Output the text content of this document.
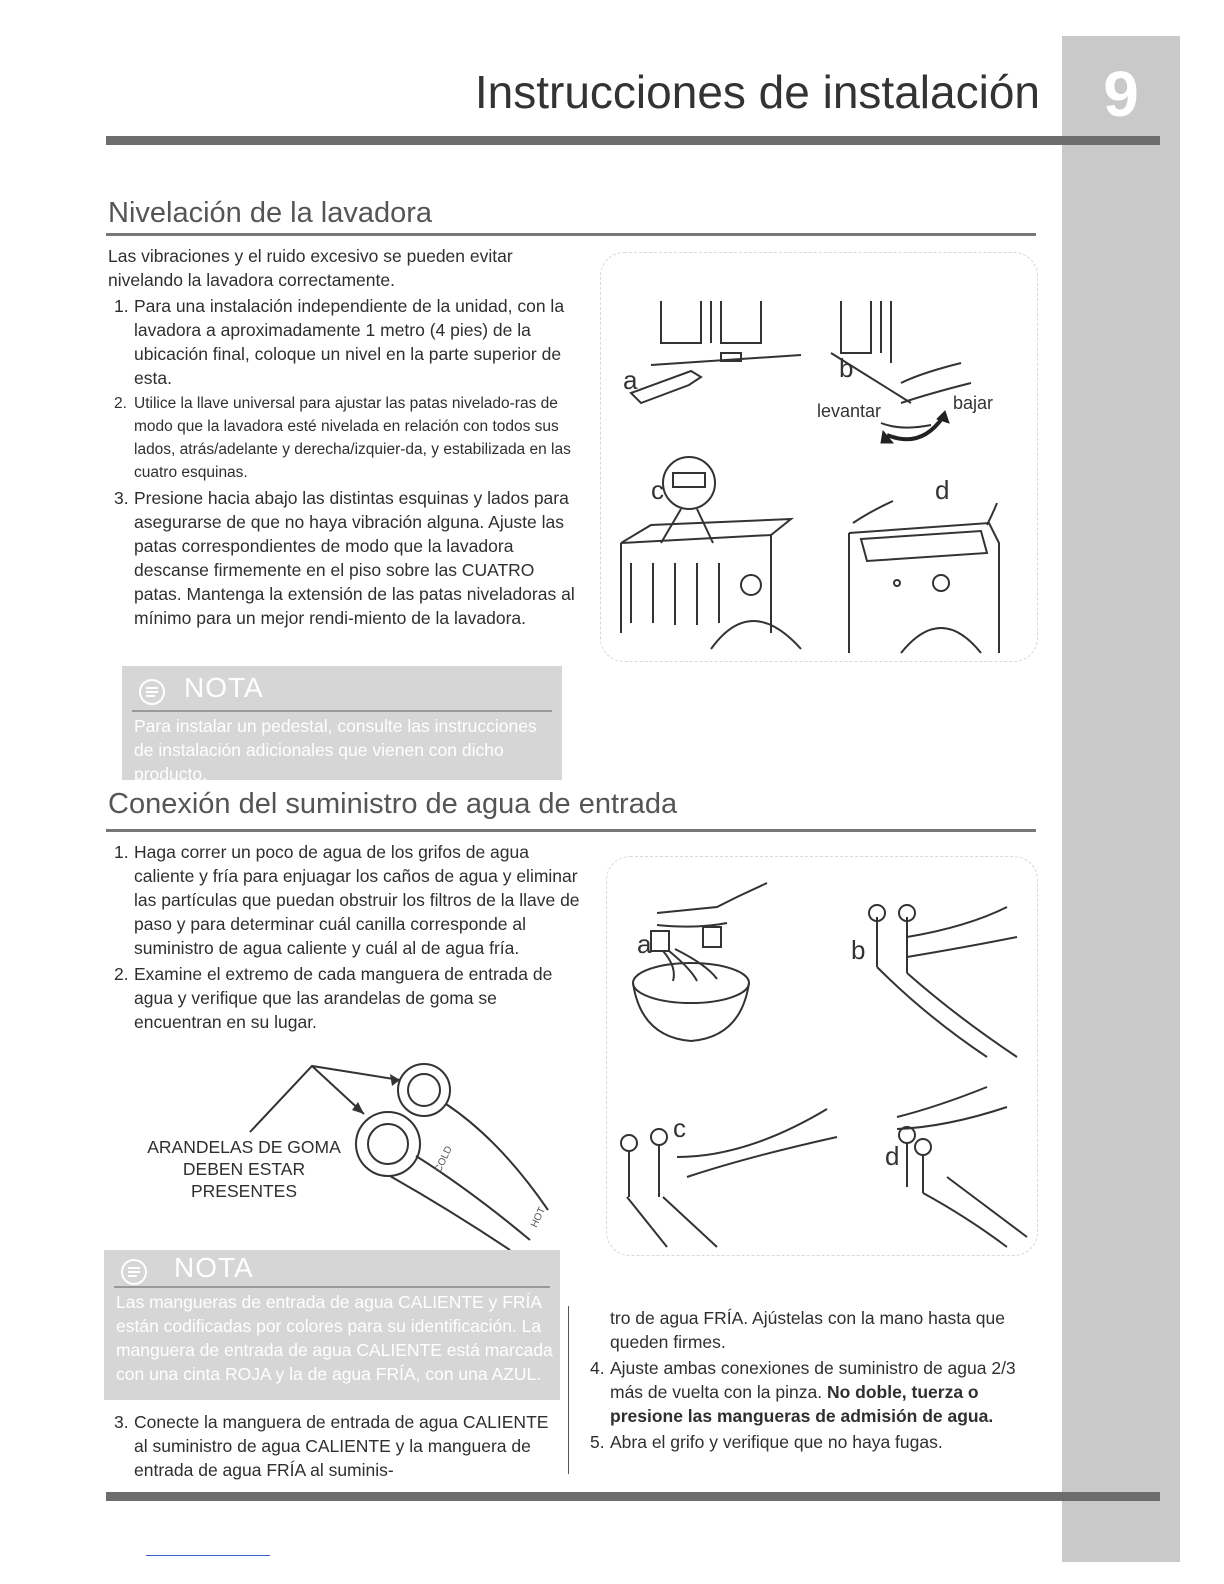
9
Instrucciones de instalación
Nivelación de la lavadora
Las vibraciones y el ruido excesivo se pueden evitar nivelando la lavadora correctamente.
1. Para una instalación independiente de la unidad, con la lavadora a aproximadamente 1 metro (4 pies) de la ubicación final, coloque un nivel en la parte superior de esta.
2. Utilice la llave universal para ajustar las patas nivelado-ras de modo que la lavadora esté nivelada en relación con todos sus lados, atrás/adelante y derecha/izquier-da, y estabilizada en las cuatro esquinas.
3. Presione hacia abajo las distintas esquinas y lados para asegurarse de que no haya vibración alguna. Ajuste las patas correspondientes de modo que la lavadora descanse firmemente en el piso sobre las CUATRO patas. Mantenga la extensión de las patas niveladoras al mínimo para un mejor rendi-miento de la lavadora.
NOTA
Para instalar un pedestal, consulte las instrucciones de instalación adicionales que vienen con dicho producto.
a	b
c	d
levantar	bajar
Conexión del suministro de agua de entrada
1. Haga correr un poco de agua de los grifos de agua caliente y fría para enjuagar los caños de agua y eliminar las partículas que puedan obstruir los filtros de la llave de paso y para determinar cuál canilla corresponde al suministro de agua caliente y cuál al de agua fría.
2. Examine el extremo de cada manguera de entrada de agua y verifique que las arandelas de goma se encuentran en su lugar.
ARANDELAS DE GOMA
DEBEN ESTAR
PRESENTES
COLD
HOT
NOTA
Las mangueras de entrada de agua CALIENTE y FRÍA están codificadas por colores para su identificación. La manguera de entrada de agua CALIENTE está marcada con una cinta ROJA y la de agua FRÍA, con una AZUL.
3. Conecte la manguera de entrada de agua CALIENTE al suministro de agua CALIENTE y la manguera de entrada de agua FRÍA al suminis-
tro de agua FRÍA. Ajústelas con la mano hasta que queden firmes.
4. Ajuste ambas conexiones de suministro de agua 2/3 más de vuelta con la pinza. No doble, tuerza o presione las mangueras de admisión de agua.
5. Abra el grifo y verifique que no haya fugas.
a	b
c
d
